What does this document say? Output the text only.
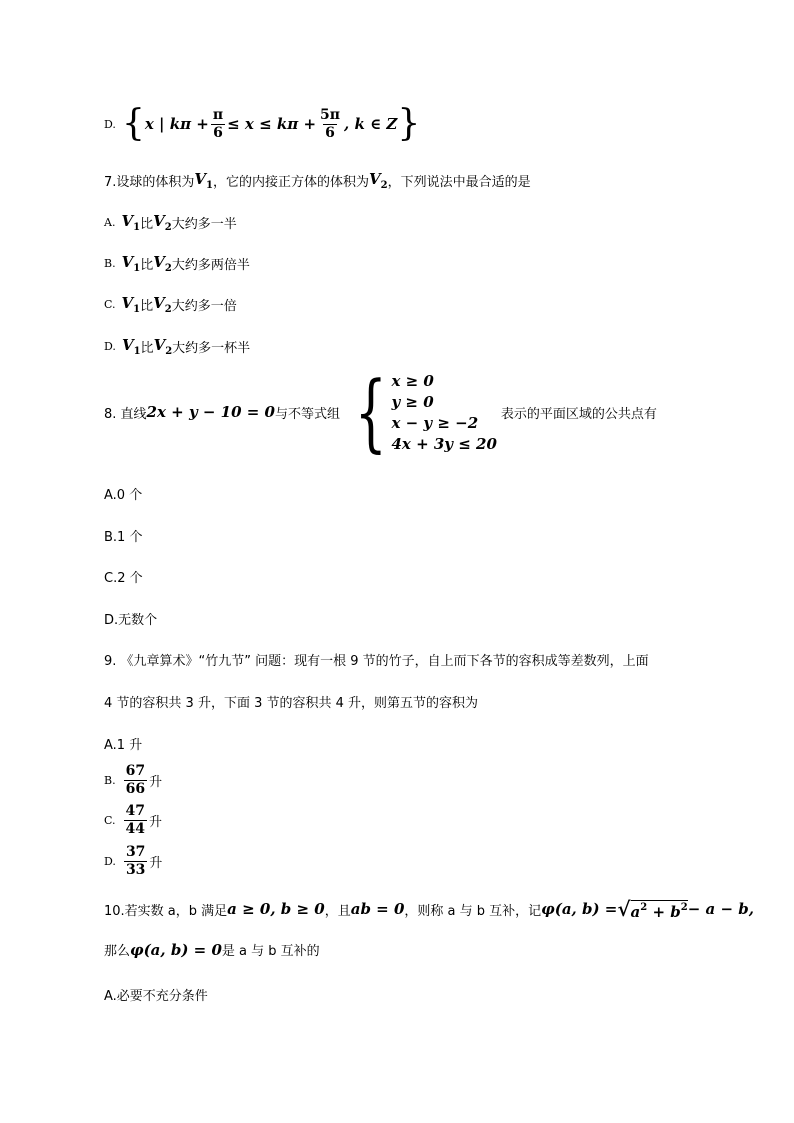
D. { x | $k\pi + \frac{\pi}{6} \le x \le k\pi + \frac{5\pi}{6}$ , k ∈ Z }
7.设球的体积为 $V_1$ ，它的内接正方体的体积为 $V_2$ ，下列说法中最合适的是
A. $V_1$ 比 $V_2$ 大约多一半
B. $V_1$ 比 $V_2$ 大约多两倍半
C. $V_1$ 比 $V_2$ 大约多一倍
D. $V_1$ 比 $V_2$ 大约多一杯半
8. 直线 2x + y − 10 = 0 与不等式组 { x ≥ 0
y ≥ 0
x − y ≥ −2
4x + 3y ≤ 20
表示的平面区域的公共点有
A.0 个
B.1 个
C.2 个
D.无数个
9. 《九章算术》“竹九节” 问题：现有一根 9 节的竹子，自上而下各节的容积成等差数列，上面
4 节的容积共 3 升，下面 3 节的容积共 4 升，则第五节的容积为
A.1 升
B. $\frac{67}{66}$ 升
C. $\frac{47}{44}$ 升
D. $\frac{37}{33}$ 升
10.若实数 a，b 满足 a ≥ 0, b ≥ 0 ，且 ab = 0 ，则称 a 与 b 互补，记 φ(a, b) = √ $a^2 + b^2 - a - b$,
那么 φ(a, b) = 0 是 a 与 b 互补的
A.必要不充分条件
